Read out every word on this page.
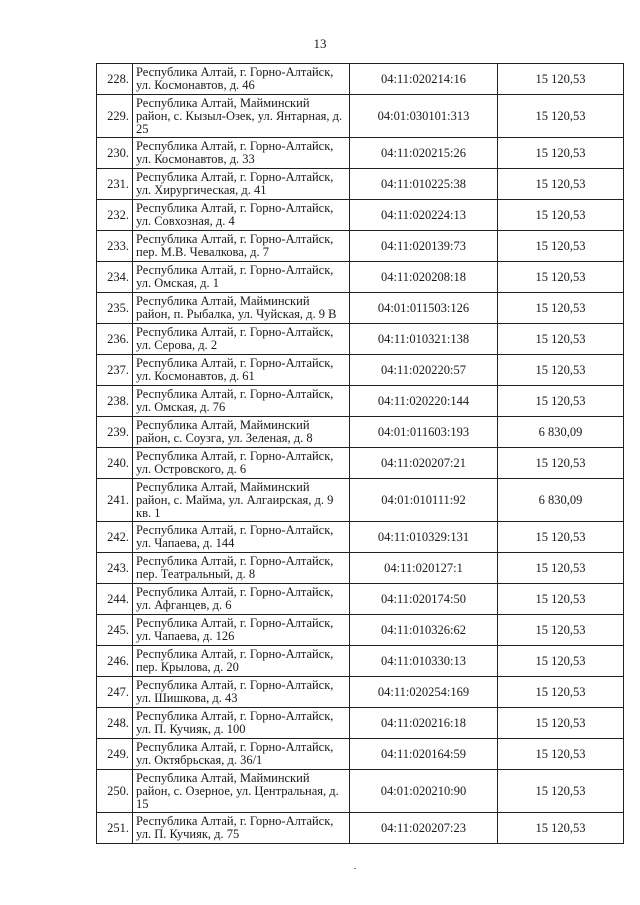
13
228.	Республика Алтай, г. Горно-Алтайск, ул. Космонавтов, д. 46	04:11:020214:16	15 120,53
229.	Республика Алтай, Майминский район, с. Кызыл-Озек, ул. Янтарная, д. 25	04:01:030101:313	15 120,53
230.	Республика Алтай, г. Горно-Алтайск, ул. Космонавтов, д. 33	04:11:020215:26	15 120,53
231.	Республика Алтай, г. Горно-Алтайск, ул. Хирургическая, д. 41	04:11:010225:38	15 120,53
232.	Республика Алтай, г. Горно-Алтайск, ул. Совхозная, д. 4	04:11:020224:13	15 120,53
233.	Республика Алтай, г. Горно-Алтайск, пер. М.В. Чевалкова, д. 7	04:11:020139:73	15 120,53
234.	Республика Алтай, г. Горно-Алтайск, ул. Омская, д. 1	04:11:020208:18	15 120,53
235.	Республика Алтай, Майминский район, п. Рыбалка, ул. Чуйская, д. 9 В	04:01:011503:126	15 120,53
236.	Республика Алтай, г. Горно-Алтайск, ул. Серова, д. 2	04:11:010321:138	15 120,53
237.	Республика Алтай, г. Горно-Алтайск, ул. Космонавтов, д. 61	04:11:020220:57	15 120,53
238.	Республика Алтай, г. Горно-Алтайск, ул. Омская, д. 76	04:11:020220:144	15 120,53
239.	Республика Алтай, Майминский район, с. Соузга, ул. Зеленая, д. 8	04:01:011603:193	6 830,09
240.	Республика Алтай, г. Горно-Алтайск, ул. Островского, д. 6	04:11:020207:21	15 120,53
241.	Республика Алтай, Майминский район, с. Майма, ул. Алгаирская, д. 9 кв. 1	04:01:010111:92	6 830,09
242.	Республика Алтай, г. Горно-Алтайск, ул. Чапаева, д. 144	04:11:010329:131	15 120,53
243.	Республика Алтай, г. Горно-Алтайск, пер. Театральный, д. 8	04:11:020127:1	15 120,53
244.	Республика Алтай, г. Горно-Алтайск, ул. Афганцев, д. 6	04:11:020174:50	15 120,53
245.	Республика Алтай, г. Горно-Алтайск, ул. Чапаева, д. 126	04:11:010326:62	15 120,53
246.	Республика Алтай, г. Горно-Алтайск, пер. Крылова, д. 20	04:11:010330:13	15 120,53
247.	Республика Алтай, г. Горно-Алтайск, ул. Шишкова, д. 43	04:11:020254:169	15 120,53
248.	Республика Алтай, г. Горно-Алтайск, ул. П. Кучияк, д. 100	04:11:020216:18	15 120,53
249.	Республика Алтай, г. Горно-Алтайск, ул. Октябрьская, д. 36/1	04:11:020164:59	15 120,53
250.	Республика Алтай, Майминский район, с. Озерное, ул. Центральная, д. 15	04:01:020210:90	15 120,53
251.	Республика Алтай, г. Горно-Алтайск, ул. П. Кучияк, д. 75	04:11:020207:23	15 120,53
